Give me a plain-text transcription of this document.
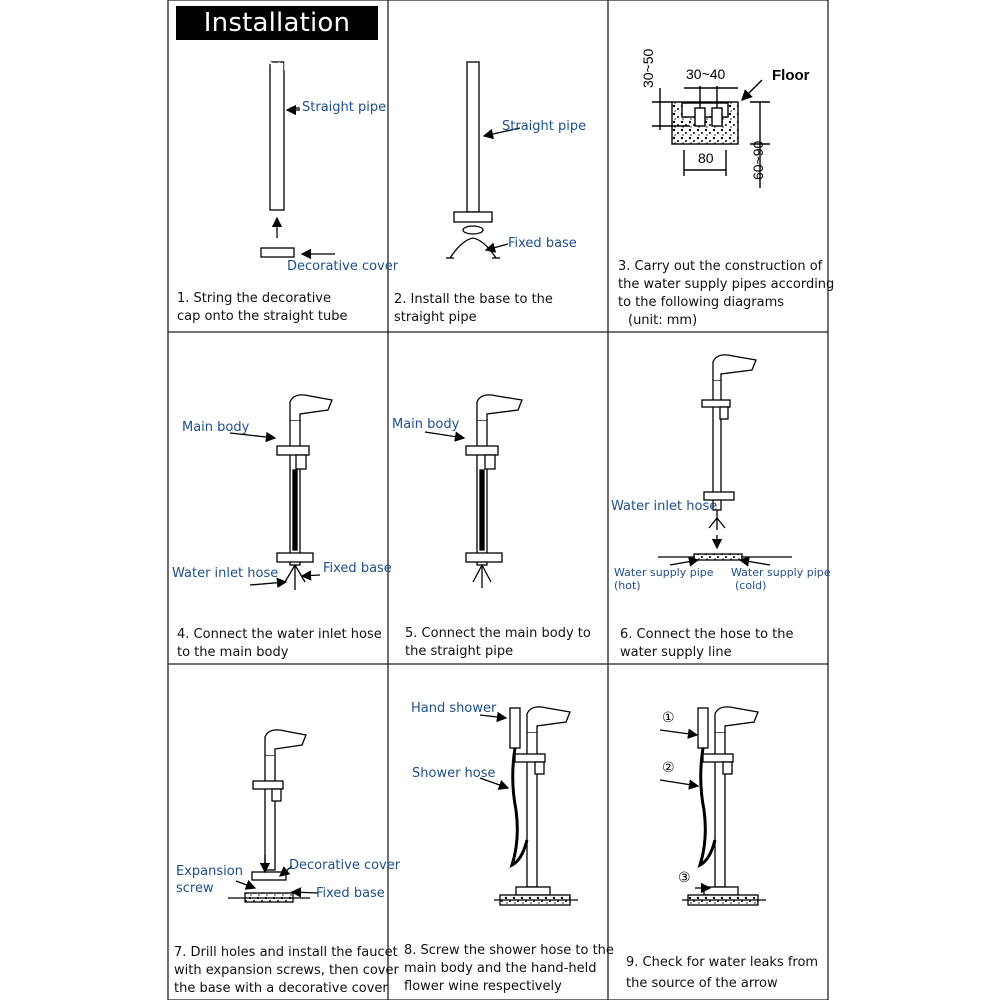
Installation steps
Straight pipe
Decorative cover
1. String the decorative
cap onto the straight tube
Straight pipe
Fixed base
2. Install the base to the
straight pipe
Floor
30~40
80
30~50
60~90
3. Carry out the construction of
the water supply pipes according
to the following diagrams
(unit: mm)
Main body
Water inlet hose	Fixed base
4. Connect the water inlet hose
to the main body
Main body
5. Connect the main body to
the straight pipe
Water inlet hose
Water supply pipe
(hot)
Water supply pipe
(cold)
6. Connect the hose to the
water supply line
Expansion
screw
Decorative cover
Fixed base
7. Drill holes and install the faucet
with expansion screws, then cover
the base with a decorative cover
Hand shower
Shower hose
8. Screw the shower hose to the
main body and the hand-held
flower wine respectively
①
②
③
9. Check for water leaks from
the source of the arrow
